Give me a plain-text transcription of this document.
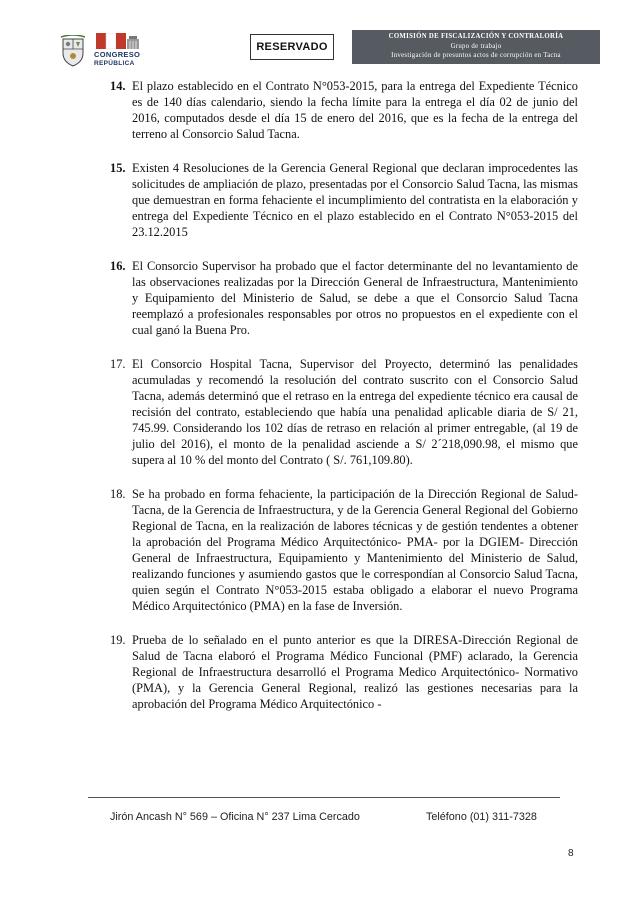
CONGRESO
REPÚBLICA
RESERVADO
COMISIÓN DE FISCALIZACIÓN Y CONTRALORÍA
Grupo de trabajo
Investigación de presuntos actos de corrupción en Tacna
14. El plazo establecido en el Contrato N°053-2015, para la entrega del Expediente Técnico es de 140 días calendario, siendo la fecha límite para la entrega el día 02 de junio del 2016, computados desde el día 15 de enero del 2016, que es la fecha de la entrega del terreno al Consorcio Salud Tacna.
15. Existen 4 Resoluciones de la Gerencia General Regional que declaran improcedentes las solicitudes de ampliación de plazo, presentadas por el Consorcio Salud Tacna, las mismas que demuestran en forma fehaciente el incumplimiento del contratista en la elaboración y entrega del Expediente Técnico en el plazo establecido en el Contrato N°053-2015 del 23.12.2015
16. El Consorcio Supervisor ha probado que el factor determinante del no levantamiento de las observaciones realizadas por la Dirección General de Infraestructura, Mantenimiento y Equipamiento del Ministerio de Salud, se debe a que el Consorcio Salud Tacna reemplazó a profesionales responsables por otros no propuestos en el expediente con el cual ganó la Buena Pro.
17. El Consorcio Hospital Tacna, Supervisor del Proyecto, determinó las penalidades acumuladas y recomendó la resolución del contrato suscrito con el Consorcio Salud Tacna, además determinó que el retraso en la entrega del expediente técnico era causal de recisión del contrato, estableciendo que había una penalidad aplicable diaria de S/ 21, 745.99. Considerando los 102 días de retraso en relación al primer entregable, (al 19 de julio del 2016), el monto de la penalidad asciende a S/ 2´218,090.98, el mismo que supera al 10 % del monto del Contrato ( S/. 761,109.80).
18. Se ha probado en forma fehaciente, la participación de la Dirección Regional de Salud- Tacna, de la Gerencia de Infraestructura, y de la Gerencia General Regional del Gobierno Regional de Tacna, en la realización de labores técnicas y de gestión tendentes a obtener la aprobación del Programa Médico Arquitectónico- PMA- por la DGIEM- Dirección General de Infraestructura, Equipamiento y Mantenimiento del Ministerio de Salud, realizando funciones y asumiendo gastos que le correspondían al Consorcio Salud Tacna, quien según el Contrato N°053-2015 estaba obligado a elaborar el nuevo Programa Médico Arquitectónico (PMA) en la fase de Inversión.
19. Prueba de lo señalado en el punto anterior es que la DIRESA-Dirección Regional de Salud de Tacna elaboró el Programa Médico Funcional (PMF) aclarado, la Gerencia Regional de Infraestructura desarrolló el Programa Medico Arquitectónico- Normativo (PMA), y la Gerencia General Regional, realizó las gestiones necesarias para la aprobación del Programa Médico Arquitectónico -
Jirón Ancash N° 569 – Oficina N° 237 Lima Cercado	Teléfono (01) 311-7328
8
